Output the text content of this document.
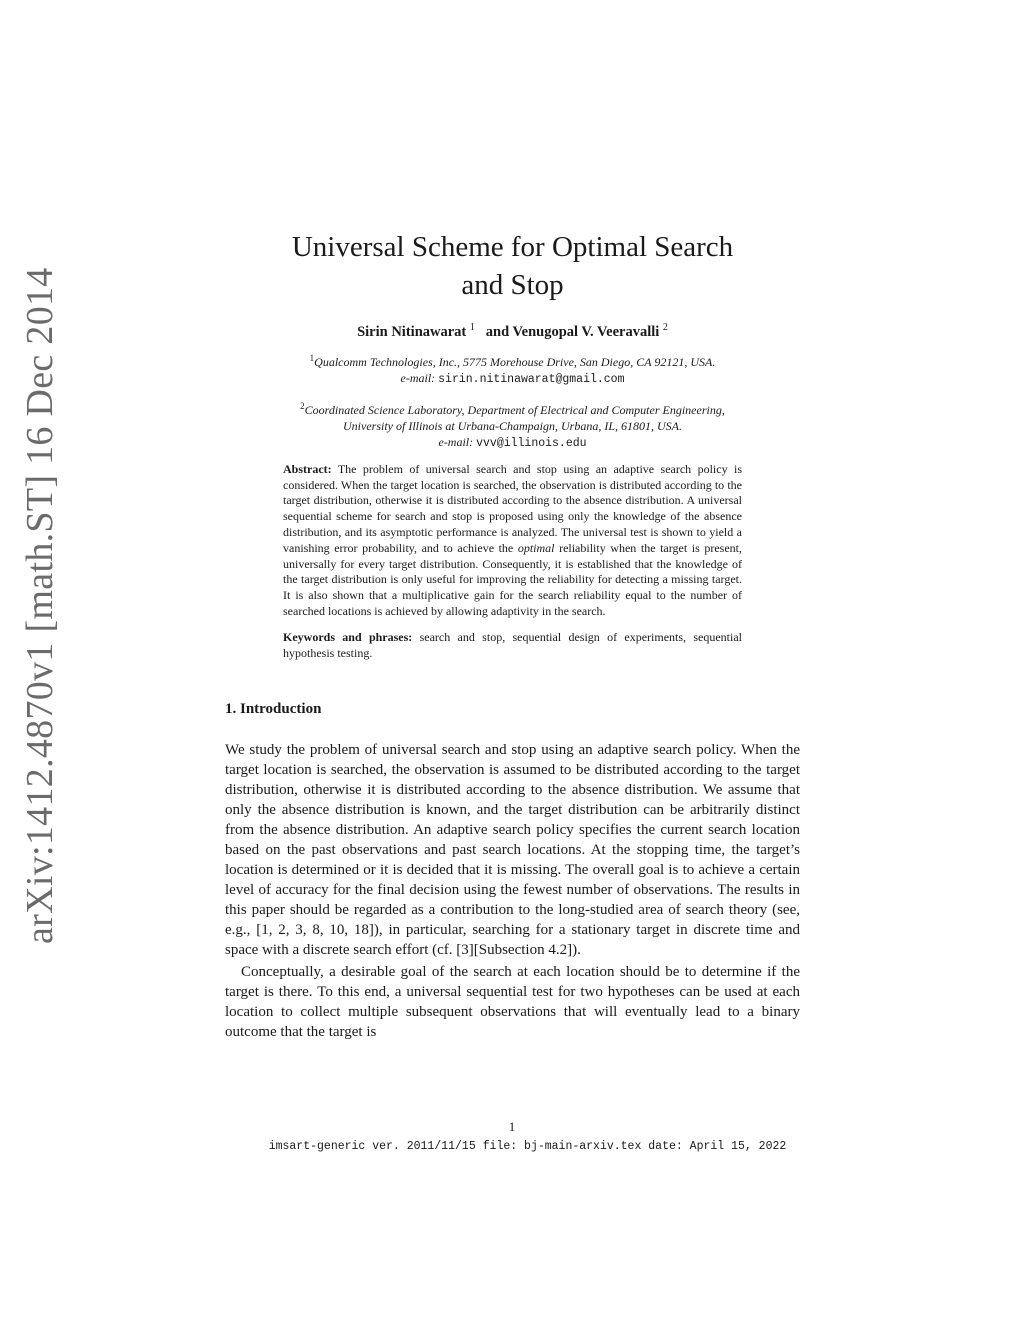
arXiv:1412.4870v1 [math.ST] 16 Dec 2014
Universal Scheme for Optimal Search
and Stop
Sirin Nitinawarat $^1$ and Venugopal V. Veeravalli $^2$
$^1$Qualcomm Technologies, Inc., 5775 Morehouse Drive, San Diego, CA 92121, USA.
e-mail: sirin.nitinawarat@gmail.com
$^2$Coordinated Science Laboratory, Department of Electrical and Computer Engineering,
University of Illinois at Urbana-Champaign, Urbana, IL, 61801, USA.
e-mail: vvv@illinois.edu
Abstract: The problem of universal search and stop using an adaptive search policy is considered. When the target location is searched, the observation is distributed according to the target distribution, otherwise it is distributed according to the absence distribution. A universal sequential scheme for search and stop is proposed using only the knowledge of the absence distribution, and its asymptotic performance is analyzed. The universal test is shown to yield a vanishing error probability, and to achieve the optimal reliability when the target is present, universally for every target distribution. Consequently, it is established that the knowledge of the target distribution is only useful for improving the reliability for detecting a missing target. It is also shown that a multiplicative gain for the search reliability equal to the number of searched locations is achieved by allowing adaptivity in the search.
Keywords and phrases: search and stop, sequential design of experiments, sequential hypothesis testing.
1. Introduction

We study the problem of universal search and stop using an adaptive search policy. When the target location is searched, the observation is assumed to be distributed according to the target distribution, otherwise it is distributed according to the absence distribution. We assume that only the absence distribution is known, and the target distribution can be arbitrarily distinct from the absence distribution. An adaptive search policy specifies the current search location based on the past observations and past search locations. At the stopping time, the target’s location is determined or it is decided that it is missing. The overall goal is to achieve a certain level of accuracy for the final decision using the fewest number of observations. The results in this paper should be regarded as a contribution to the long-studied area of search theory (see, e.g., [1, 2, 3, 8, 10, 18]), in particular, searching for a stationary target in discrete time and space with a discrete search effort (cf. [3][Subsection 4.2]).

Conceptually, a desirable goal of the search at each location should be to determine if the target is there. To this end, a universal sequential test for two hypotheses can be used at each location to collect multiple subsequent observations that will eventually lead to a binary outcome that the target is

1
imsart-generic ver. 2011/11/15 file: bj-main-arxiv.tex date: April 15, 2022
